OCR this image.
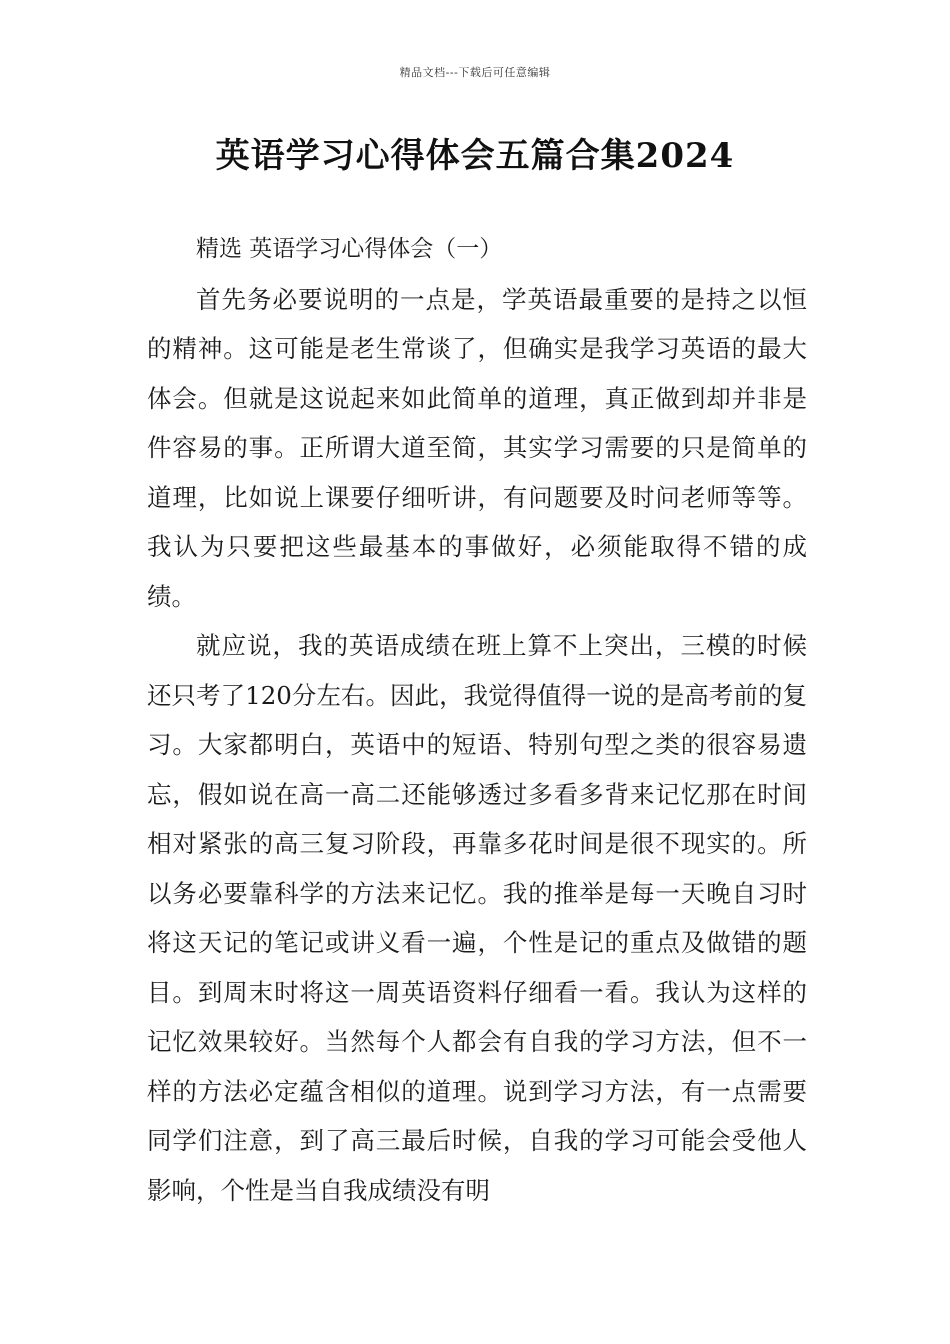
精品文档---下载后可任意编辑
英语学习心得体会五篇合集2024

精选 英语学习心得体会（一）

首先务必要说明的一点是，学英语最重要的是持之以恒的精神。这可能是老生常谈了，但确实是我学习英语的最大体会。但就是这说起来如此简单的道理，真正做到却并非是件容易的事。正所谓大道至简，其实学习需要的只是简单的道理，比如说上课要仔细听讲，有问题要及时问老师等等。我认为只要把这些最基本的事做好，必须能取得不错的成绩。

就应说，我的英语成绩在班上算不上突出，三模的时候还只考了120分左右。因此，我觉得值得一说的是高考前的复习。大家都明白，英语中的短语、特别句型之类的很容易遗忘，假如说在高一高二还能够透过多看多背来记忆那在时间相对紧张的高三复习阶段，再靠多花时间是很不现实的。所以务必要靠科学的方法来记忆。我的推举是每一天晚自习时将这天记的笔记或讲义看一遍，个性是记的重点及做错的题目。到周末时将这一周英语资料仔细看一看。我认为这样的记忆效果较好。当然每个人都会有自我的学习方法，但不一样的方法必定蕴含相似的道理。说到学习方法，有一点需要同学们注意，到了高三最后时候，自我的学习可能会受他人影响，个性是当自我成绩没有明
